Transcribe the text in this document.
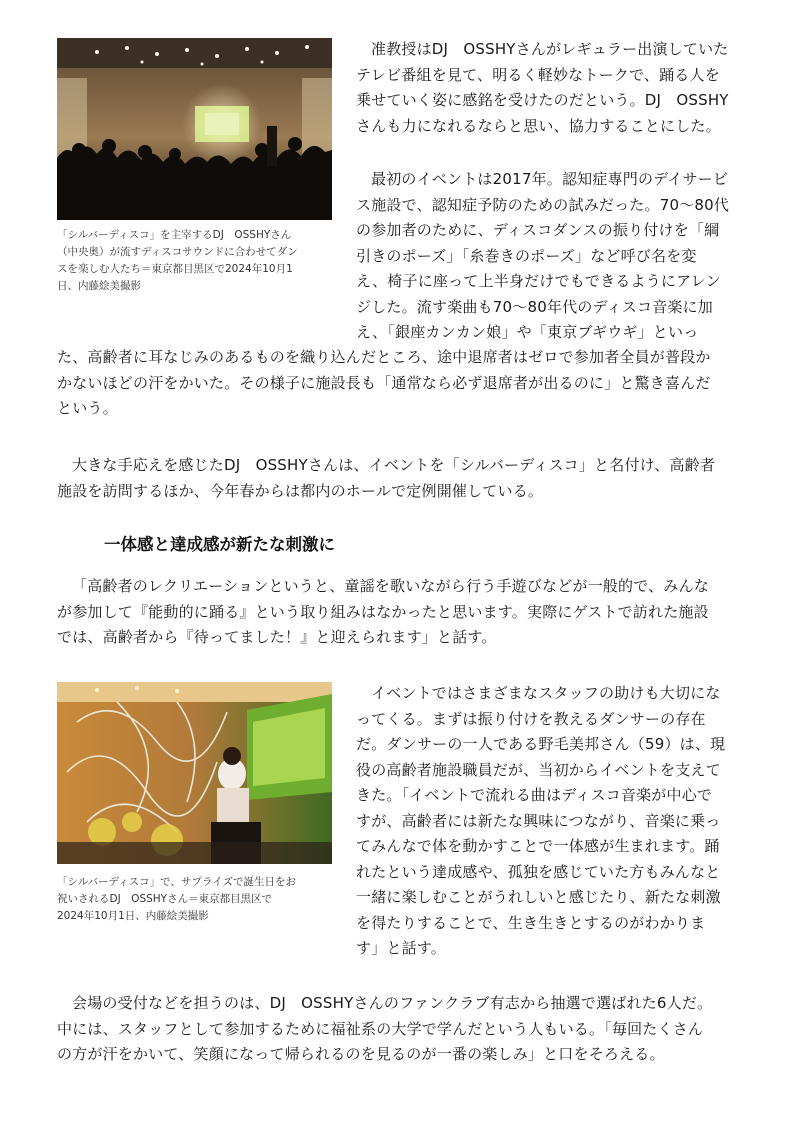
「シルバーディスコ」を主宰するDJ　OSSHYさん
（中央奥）が流すディスコサウンドに合わせてダン
スを楽しむ人たち＝東京都目黒区で2024年10月1
日、内藤絵美撮影
准教授はDJ　OSSHYさんがレギュラー出演していた
テレビ番組を見て、明るく軽妙なトークで、踊る人を
乗せていく姿に感銘を受けたのだという。DJ　OSSHY
さんも力になれるならと思い、協力することにした。
最初のイベントは2017年。認知症専門のデイサービ
ス施設で、認知症予防のための試みだった。70～80代
の参加者のために、ディスコダンスの振り付けを「綱
引きのポーズ」「糸巻きのポーズ」など呼び名を変
え、椅子に座って上半身だけでもできるようにアレン
ジした。流す楽曲も70～80年代のディスコ音楽に加
え、「銀座カンカン娘」や「東京ブギウギ」といっ
た、高齢者に耳なじみのあるものを織り込んだところ、途中退席者はゼロで参加者全員が普段か
かないほどの汗をかいた。その様子に施設長も「通常なら必ず退席者が出るのに」と驚き喜んだ
という。
大きな手応えを感じたDJ　OSSHYさんは、イベントを「シルバーディスコ」と名付け、高齢者
施設を訪問するほか、今年春からは都内のホールで定例開催している。
一体感と達成感が新たな刺激に
「高齢者のレクリエーションというと、童謡を歌いながら行う手遊びなどが一般的で、みんな
が参加して『能動的に踊る』という取り組みはなかったと思います。実際にゲストで訪れた施設
では、高齢者から『待ってました！』と迎えられます」と話す。
「シルバーディスコ」で、サプライズで誕生日をお
祝いされるDJ　OSSHYさん＝東京都目黒区で
2024年10月1日、内藤絵美撮影
イベントではさまざまなスタッフの助けも大切にな
ってくる。まずは振り付けを教えるダンサーの存在
だ。ダンサーの一人である野毛美邦さん（59）は、現
役の高齢者施設職員だが、当初からイベントを支えて
きた。「イベントで流れる曲はディスコ音楽が中心で
すが、高齢者には新たな興味につながり、音楽に乗っ
てみんなで体を動かすことで一体感が生まれます。踊
れたという達成感や、孤独を感じていた方もみんなと
一緒に楽しむことがうれしいと感じたり、新たな刺激
を得たりすることで、生き生きとするのがわかりま
す」と話す。
会場の受付などを担うのは、DJ　OSSHYさんのファンクラブ有志から抽選で選ばれた6人だ。
中には、スタッフとして参加するために福祉系の大学で学んだという人もいる。「毎回たくさん
の方が汗をかいて、笑顔になって帰られるのを見るのが一番の楽しみ」と口をそろえる。
